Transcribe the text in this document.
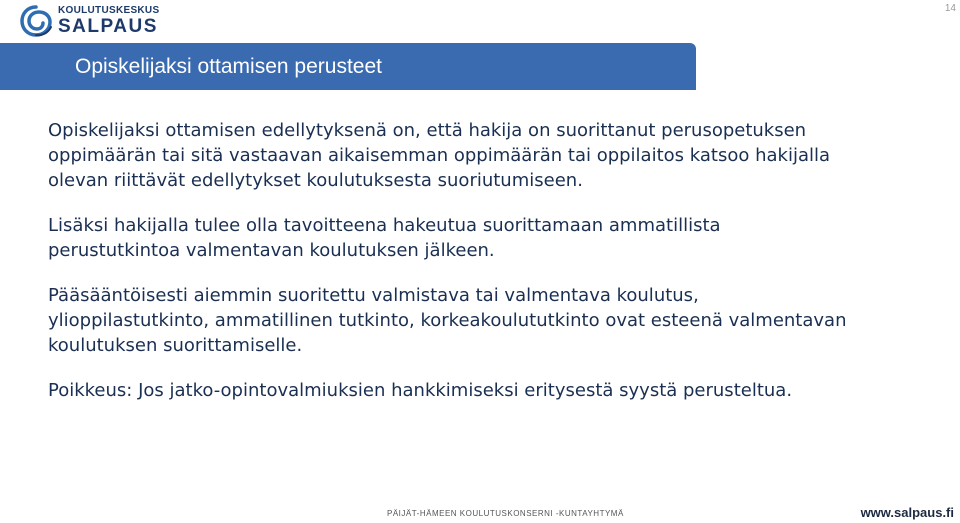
KOULUTUSKESKUS
SALPAUS
14
Opiskelijaksi ottamisen perusteet

Opiskelijaksi ottamisen edellytyksenä on, että hakija on suorittanut perusopetuksen oppimäärän tai sitä vastaavan aikaisemman oppimäärän tai oppilaitos katsoo hakijalla olevan riittävät edellytykset koulutuksesta suoriutumiseen.

Lisäksi hakijalla tulee olla tavoitteena hakeutua suorittamaan ammatillista perustutkintoa valmentavan koulutuksen jälkeen.

Pääsääntöisesti aiemmin suoritettu valmistava tai valmentava koulutus, ylioppilastutkinto, ammatillinen tutkinto, korkeakoulututkinto ovat esteenä valmentavan koulutuksen suorittamiselle.

Poikkeus: Jos jatko-opintovalmiuksien hankkimiseksi eritysestä syystä perusteltua.

PÄIJÄT-HÄMEEN KOULUTUSKONSERNI -KUNTAYHTYMÄ	www.salpaus.fi
